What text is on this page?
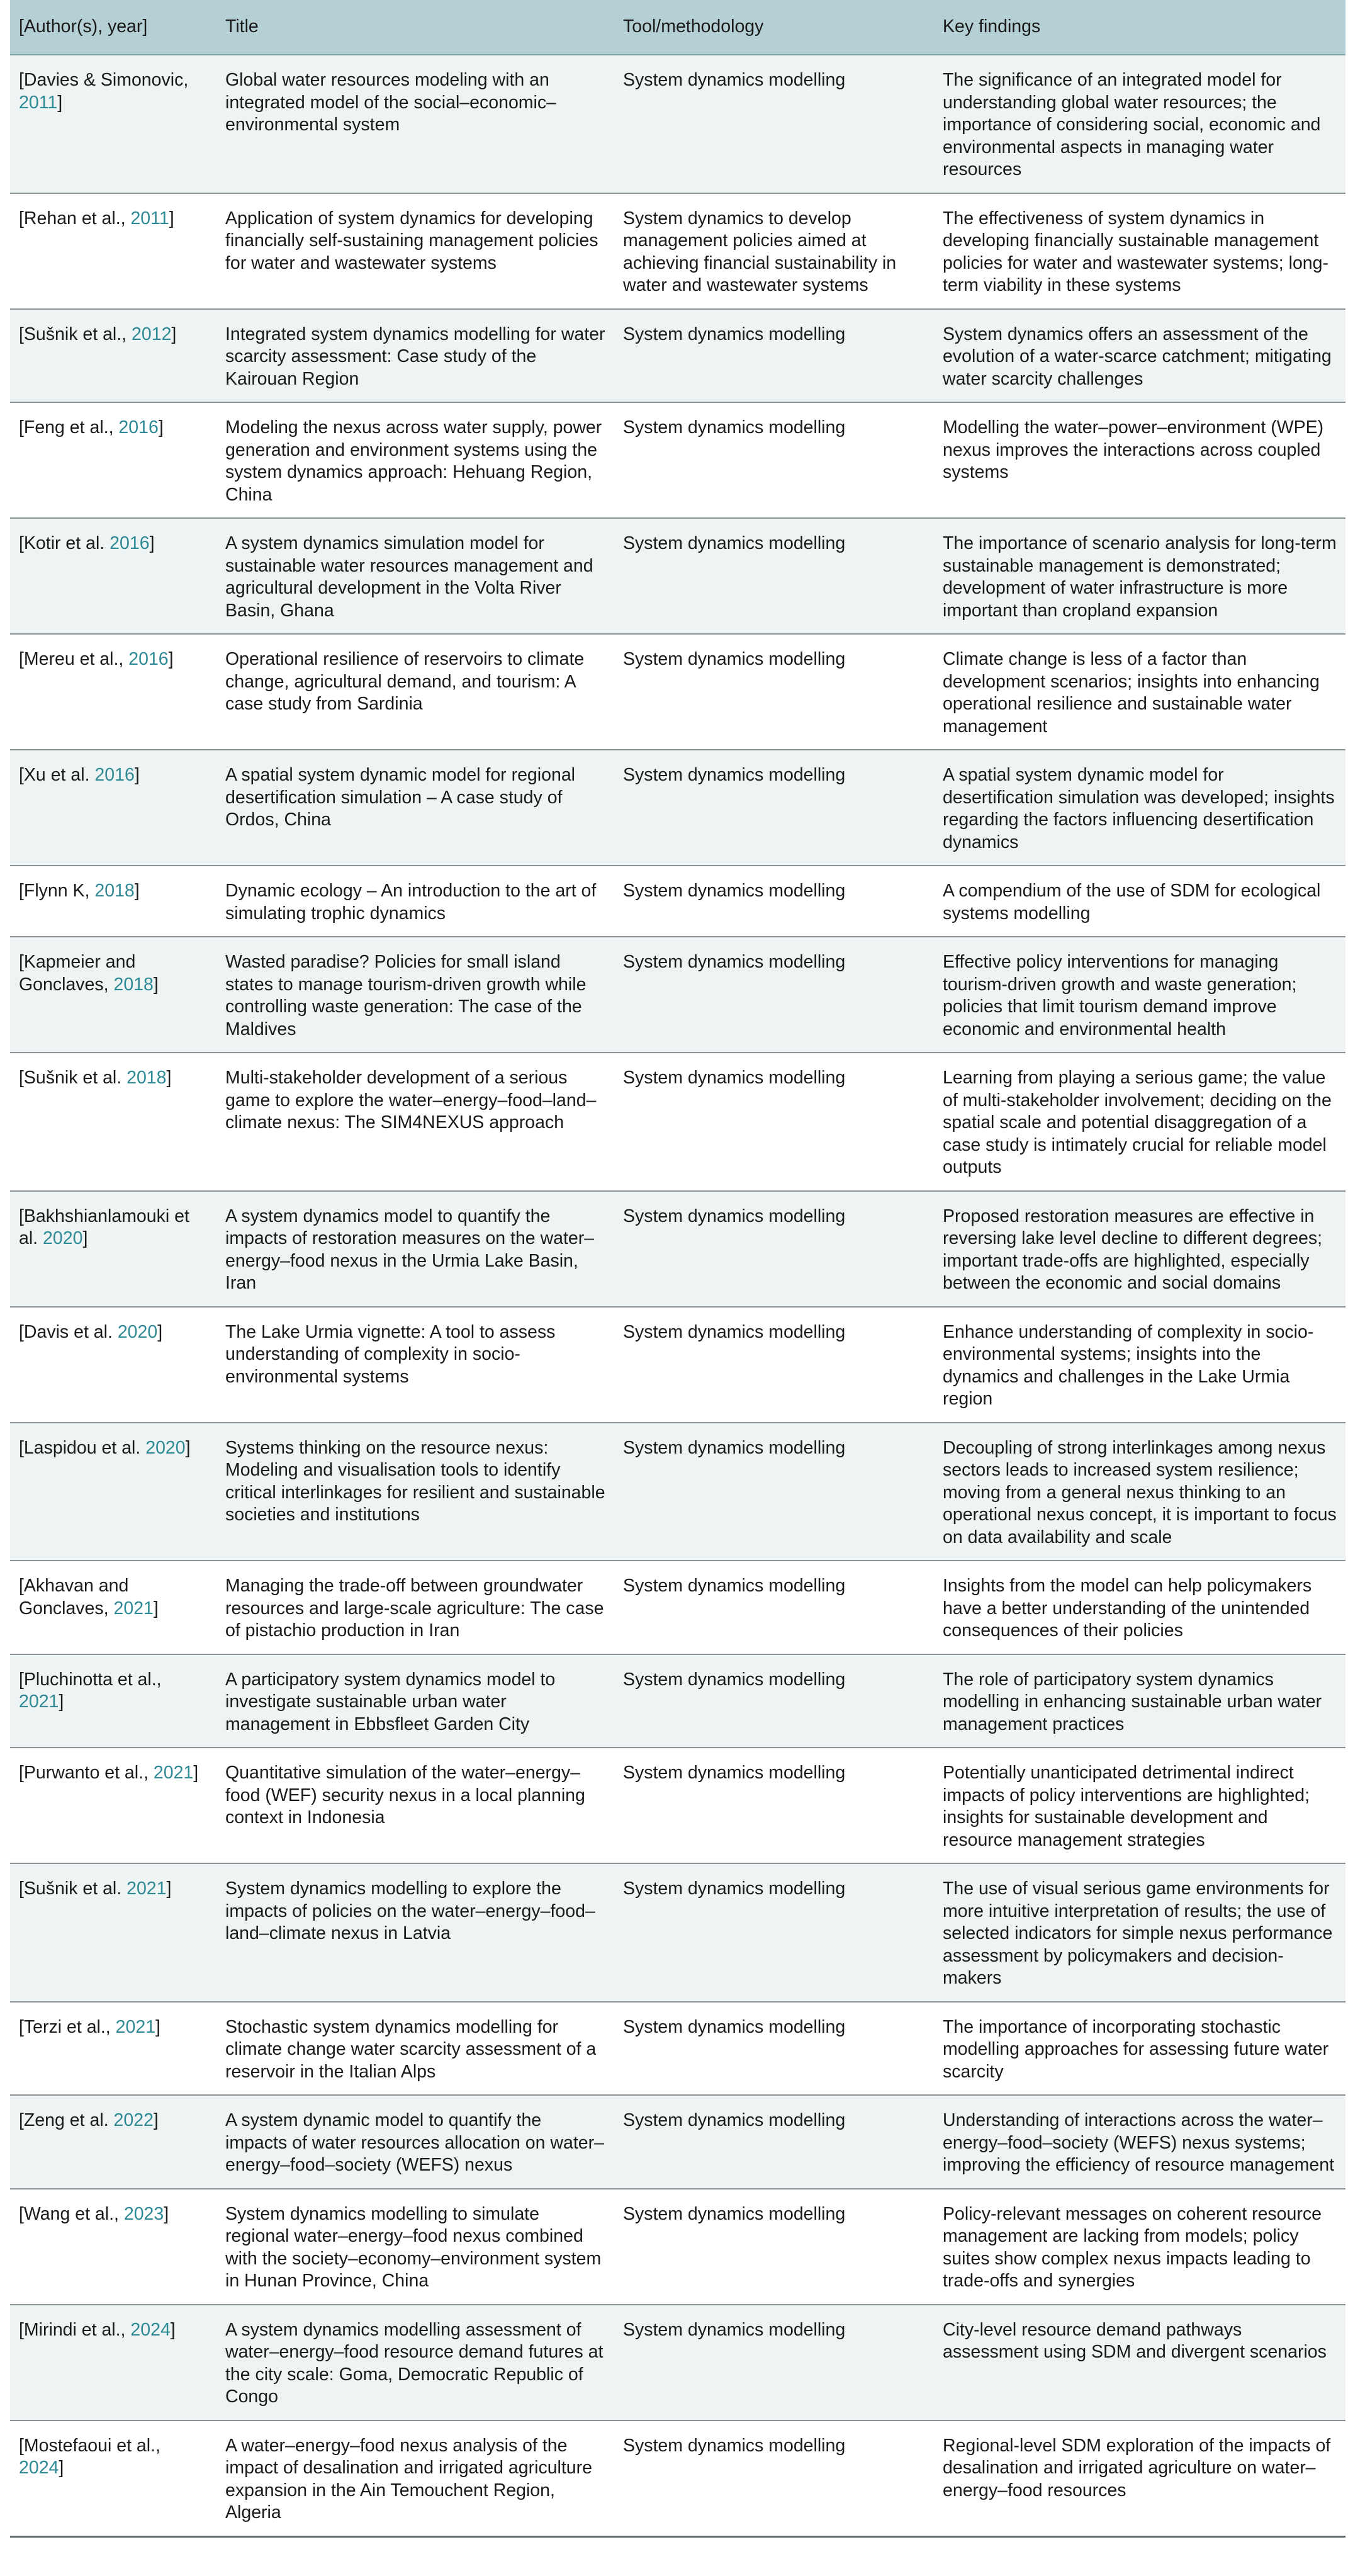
[Author(s), year]	Title	Tool/methodology	Key findings
[Davies & Simonovic, 2011]	Global water resources modeling with an integrated model of the social–economic–environmental system	System dynamics modelling	The significance of an integrated model for understanding global water resources; the importance of considering social, economic and environmental aspects in managing water resources
[Rehan et al., 2011]	Application of system dynamics for developing financially self-sustaining management policies for water and wastewater systems	System dynamics to develop management policies aimed at achieving financial sustainability in water and wastewater systems	The effectiveness of system dynamics in developing financially sustainable management policies for water and wastewater systems; long-term viability in these systems
[Sušnik et al., 2012]	Integrated system dynamics modelling for water scarcity assessment: Case study of the Kairouan Region	System dynamics modelling	System dynamics offers an assessment of the evolution of a water-scarce catchment; mitigating water scarcity challenges
[Feng et al., 2016]	Modeling the nexus across water supply, power generation and environment systems using the system dynamics approach: Hehuang Region, China	System dynamics modelling	Modelling the water–power–environment (WPE) nexus improves the interactions across coupled systems
[Kotir et al. 2016]	A system dynamics simulation model for sustainable water resources management and agricultural development in the Volta River Basin, Ghana	System dynamics modelling	The importance of scenario analysis for long-term sustainable management is demonstrated; development of water infrastructure is more important than cropland expansion
[Mereu et al., 2016]	Operational resilience of reservoirs to climate change, agricultural demand, and tourism: A case study from Sardinia	System dynamics modelling	Climate change is less of a factor than development scenarios; insights into enhancing operational resilience and sustainable water management
[Xu et al. 2016]	A spatial system dynamic model for regional desertification simulation – A case study of Ordos, China	System dynamics modelling	A spatial system dynamic model for desertification simulation was developed; insights regarding the factors influencing desertification dynamics
[Flynn K, 2018]	Dynamic ecology – An introduction to the art of simulating trophic dynamics	System dynamics modelling	A compendium of the use of SDM for ecological systems modelling
[Kapmeier and Gonclaves, 2018]	Wasted paradise? Policies for small island states to manage tourism-driven growth while controlling waste generation: The case of the Maldives	System dynamics modelling	Effective policy interventions for managing tourism-driven growth and waste generation; policies that limit tourism demand improve economic and environmental health
[Sušnik et al. 2018]	Multi-stakeholder development of a serious game to explore the water–energy–food–land–climate nexus: The SIM4NEXUS approach	System dynamics modelling	Learning from playing a serious game; the value of multi-stakeholder involvement; deciding on the spatial scale and potential disaggregation of a case study is intimately crucial for reliable model outputs
[Bakhshianlamouki et al. 2020]	A system dynamics model to quantify the impacts of restoration measures on the water–energy–food nexus in the Urmia Lake Basin, Iran	System dynamics modelling	Proposed restoration measures are effective in reversing lake level decline to different degrees; important trade-offs are highlighted, especially between the economic and social domains
[Davis et al. 2020]	The Lake Urmia vignette: A tool to assess understanding of complexity in socio-environmental systems	System dynamics modelling	Enhance understanding of complexity in socio-environmental systems; insights into the dynamics and challenges in the Lake Urmia region
[Laspidou et al. 2020]	Systems thinking on the resource nexus: Modeling and visualisation tools to identify critical interlinkages for resilient and sustainable societies and institutions	System dynamics modelling	Decoupling of strong interlinkages among nexus sectors leads to increased system resilience; moving from a general nexus thinking to an operational nexus concept, it is important to focus on data availability and scale
[Akhavan and Gonclaves, 2021]	Managing the trade-off between groundwater resources and large-scale agriculture: The case of pistachio production in Iran	System dynamics modelling	Insights from the model can help policymakers have a better understanding of the unintended consequences of their policies
[Pluchinotta et al., 2021]	A participatory system dynamics model to investigate sustainable urban water management in Ebbsfleet Garden City	System dynamics modelling	The role of participatory system dynamics modelling in enhancing sustainable urban water management practices
[Purwanto et al., 2021]	Quantitative simulation of the water–energy–food (WEF) security nexus in a local planning context in Indonesia	System dynamics modelling	Potentially unanticipated detrimental indirect impacts of policy interventions are highlighted; insights for sustainable development and resource management strategies
[Sušnik et al. 2021]	System dynamics modelling to explore the impacts of policies on the water–energy–food–land–climate nexus in Latvia	System dynamics modelling	The use of visual serious game environments for more intuitive interpretation of results; the use of selected indicators for simple nexus performance assessment by policymakers and decision-makers
[Terzi et al., 2021]	Stochastic system dynamics modelling for climate change water scarcity assessment of a reservoir in the Italian Alps	System dynamics modelling	The importance of incorporating stochastic modelling approaches for assessing future water scarcity
[Zeng et al. 2022]	A system dynamic model to quantify the impacts of water resources allocation on water–energy–food–society (WEFS) nexus	System dynamics modelling	Understanding of interactions across the water–energy–food–society (WEFS) nexus systems; improving the efficiency of resource management
[Wang et al., 2023]	System dynamics modelling to simulate regional water–energy–food nexus combined with the society–economy–environment system in Hunan Province, China	System dynamics modelling	Policy-relevant messages on coherent resource management are lacking from models; policy suites show complex nexus impacts leading to trade-offs and synergies
[Mirindi et al., 2024]	A system dynamics modelling assessment of water–energy–food resource demand futures at the city scale: Goma, Democratic Republic of Congo	System dynamics modelling	City-level resource demand pathways assessment using SDM and divergent scenarios
[Mostefaoui et al., 2024]	A water–energy–food nexus analysis of the impact of desalination and irrigated agriculture expansion in the Ain Temouchent Region, Algeria	System dynamics modelling	Regional-level SDM exploration of the impacts of desalination and irrigated agriculture on water–energy–food resources
